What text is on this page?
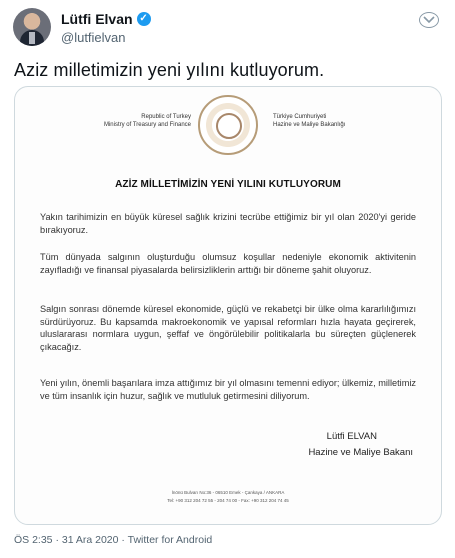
Lütfi Elvan ✓
@lutfielvan
Aziz milletimizin yeni yılını kutluyorum.
Republic of Turkey
Ministry of Treasury and Finance
Türkiye Cumhuriyeti
Hazine ve Maliye Bakanlığı
AZİZ MİLLETİMİZİN YENİ YILINI KUTLUYORUM
Yakın tarihimizin en büyük küresel sağlık krizini tecrübe ettiğimiz bir yıl olan 2020'yi geride bırakıyoruz.
Tüm dünyada salgının oluşturduğu olumsuz koşullar nedeniyle ekonomik aktivitenin zayıfladığı ve finansal piyasalarda belirsizliklerin arttığı bir döneme şahit oluyoruz.
Salgın sonrası dönemde küresel ekonomide, güçlü ve rekabetçi bir ülke olma kararlılığımızı sürdürüyoruz. Bu kapsamda makroekonomik ve yapısal reformları hızla hayata geçirerek, uluslararası normlara uygun, şeffaf ve öngörülebilir politikalarla bu süreçten güçlenerek çıkacağız.
Yeni yılın, önemli başarılara imza attığımız bir yıl olmasını temenni ediyor; ülkemiz, milletimiz ve tüm insanlık için huzur, sağlık ve mutluluk getirmesini diliyorum.
Lütfi ELVAN
Hazine ve Maliye Bakanı
İnönü Bulvarı No:36 - 06510 Emek - Çankaya / ANKARA
Tel: +90 312 204 72 55 - 204 74 00 - Fax: +90 312 204 74 45
ÖS 2:35 · 31 Ara 2020 · Twitter for Android
